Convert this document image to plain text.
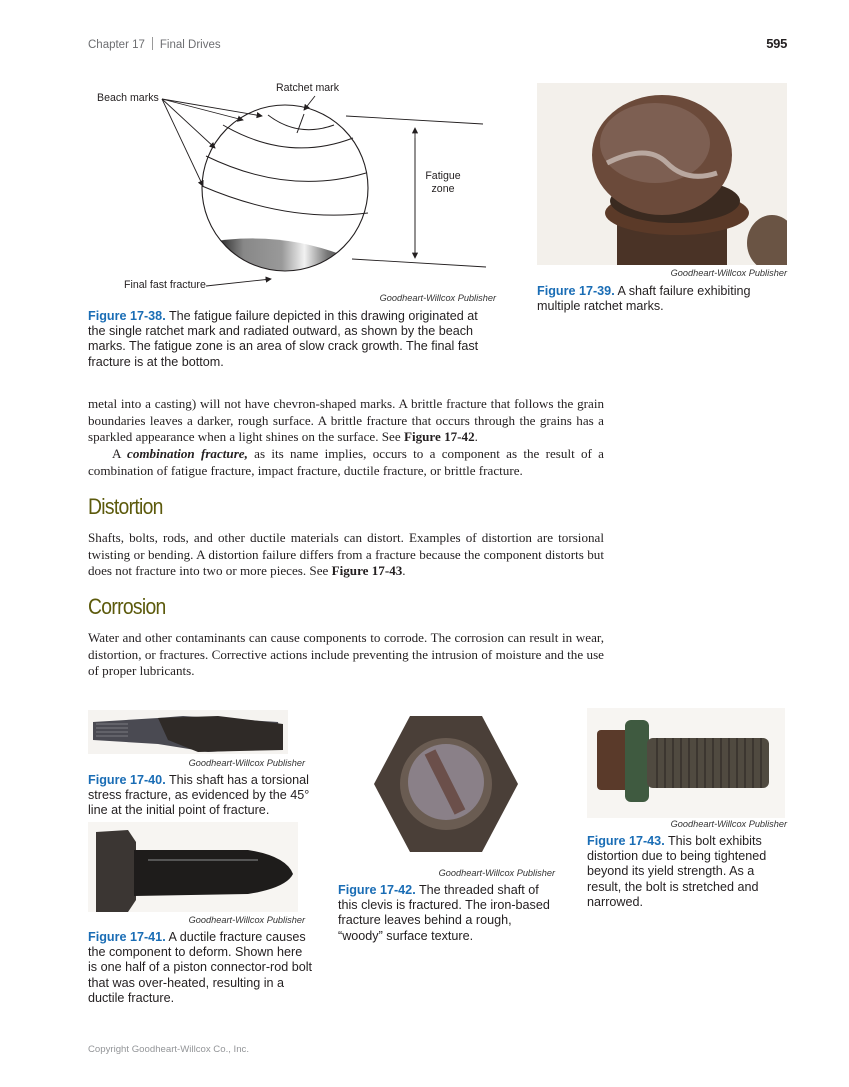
Chapter 17 Final Drives	595
Beach marks
Ratchet mark
Fatigue
zone
Final fast fracture
Goodheart-Willcox Publisher
Figure 17-38. The fatigue failure depicted in this drawing originated at the single ratchet mark and radiated outward, as shown by the beach marks. The fatigue zone is an area of slow crack growth. The final fast fracture is at the bottom.
Goodheart-Willcox Publisher
Figure 17-39. A shaft failure exhibiting multiple ratchet marks.

metal into a casting) will not have chevron-shaped marks. A brittle fracture that follows the grain boundaries leaves a darker, rough surface. A brittle fracture that occurs through the grains has a sparkled appearance when a light shines on the surface. See Figure 17-42.

A combination fracture, as its name implies, occurs to a component as the result of a combination of fatigue fracture, impact fracture, ductile fracture, or brittle fracture.

Distortion

Shafts, bolts, rods, and other ductile materials can distort. Examples of distortion are torsional twisting or bending. A distortion failure differs from a fracture because the component distorts but does not fracture into two or more pieces. See Figure 17-43.

Corrosion

Water and other contaminants can cause components to corrode. The corrosion can result in wear, distortion, or fractures. Corrective actions include preventing the intrusion of moisture and the use of proper lubricants.

Goodheart-Willcox Publisher
Figure 17-40. This shaft has a torsional stress fracture, as evidenced by the 45° line at the initial point of fracture.
Goodheart-Willcox Publisher
Figure 17-41. A ductile fracture causes the component to deform. Shown here is one half of a piston connector-rod bolt that was over-heated, resulting in a ductile fracture.
Goodheart-Willcox Publisher
Figure 17-42. The threaded shaft of this clevis is fractured. The iron-based fracture leaves behind a rough, “woody” surface texture.
Goodheart-Willcox Publisher
Figure 17-43. This bolt exhibits distortion due to being tightened beyond its yield strength. As a result, the bolt is stretched and narrowed.
Copyright Goodheart-Willcox Co., Inc.
